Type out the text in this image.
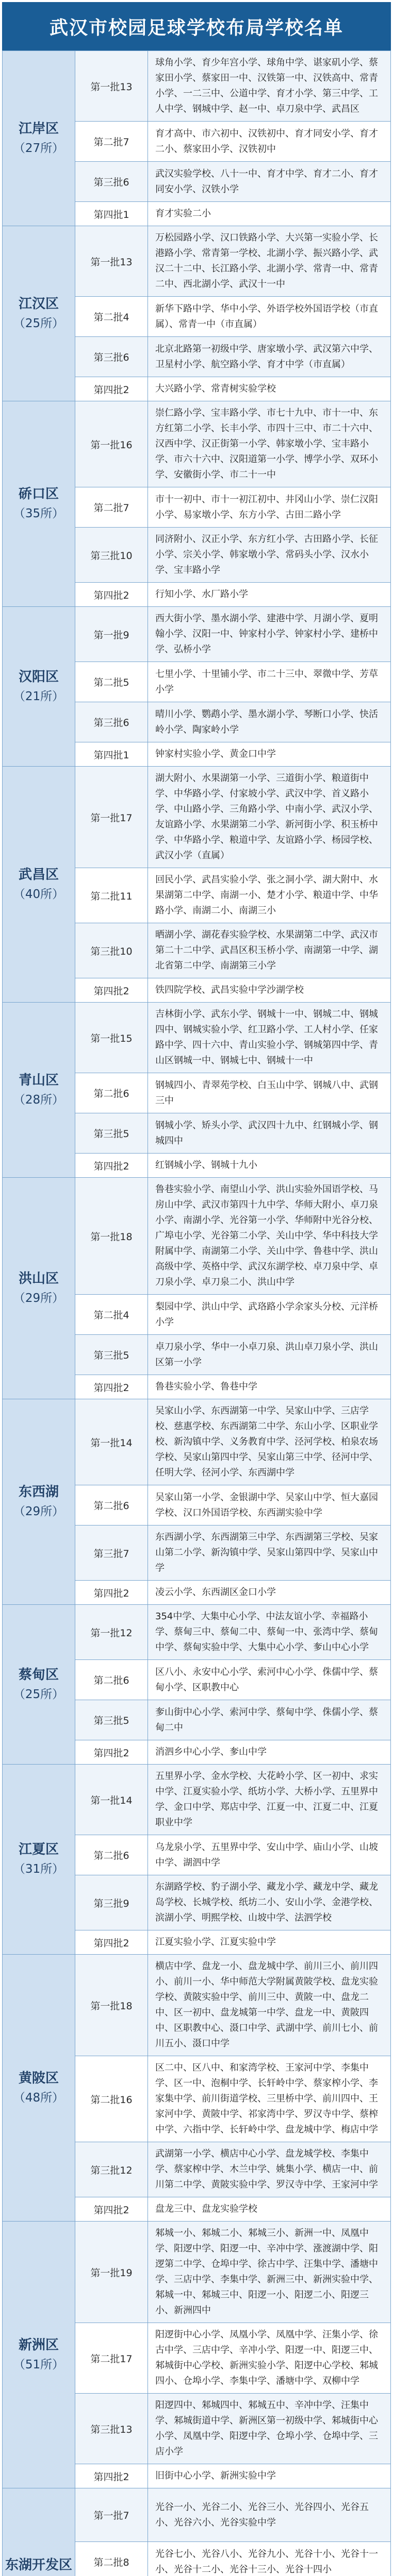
武汉市校园足球学校布局学校名单
江岸区
（27所）	第一批13	球角小学、育少年宫小学、球角中学、谌家矶小学、蔡家田小学、蔡家田一中、汉铁第一中、汉铁高中、常青小学、一二三中、公道中学、育才小学、第三中学、工人中学、钢城中学、赵一中、卓刀泉中学、武昌区
	第二批7	育才高中、市六初中、汉铁初中、育才同安小学、育才二小、蔡家田小学、汉铁初中
	第三批6	武汉实验学校、八十一中、育才中学、育才二小、育才同安小学、汉铁小学
	第四批1	育才实验二小

江汉区
（25所）	第一批13	万松园路小学、汉口铁路小学、大兴第一实验小学、长港路小学、常青第一学校、北湖小学、振兴路小学、武汉二十二中、长江路小学、北湖小学、常青一中、常青二中、西北湖小学、武汉十一中
	第二批4	新华下路中学、华中小学、外语学校外国语学校（市直属）、常青一中（市直属）
	第三批6	北京北路第一初级中学、唐家墩小学、武汉第六中学、卫星村小学、航空路小学、育才中学（市直属）
	第四批2	大兴路小学、常青树实验学校

硚口区
（35所）	第一批16	崇仁路小学、宝丰路小学、市七十九中、市十一中、东方红第二小学、长丰小学、市四十三中、市二十六中、汉西中学、汉正街第一小学、韩家墩小学、宝丰路小学、市六十六中、汉阳道第一小学、博学小学、双环小学、安徽街小学、市二十一中
	第二批7	市十一初中、市十一初江初中、井冈山小学、崇仁汉阳小学、易家墩小学、东方小学、古田二路小学
	第三批10	同济附小、汉正小学、东方红小学、古田路小学、长征小学、宗关小学、韩家墩小学、常码头小学、汉水小学、宝丰路小学
	第四批2	行知小学、水厂路小学

汉阳区
（21所）	第一批9	西大街小学、墨水湖小学、建港中学、月湖小学、夏明翰小学、汉阳一中、钟家村小学、钟家村小学、建桥中学、弘桥小学
	第二批5	七里小学、十里铺小学、市二十三中、翠微中学、芳草小学
	第三批6	晴川小学、鹦鹉小学、墨水湖小学、琴断口小学、快活岭小学、陶家岭小学
	第四批1	钟家村实验小学、黄金口中学

武昌区
（40所）	第一批17	湖大附小、水果湖第一小学、三道街小学、粮道街中学、中华路小学、付家坡小学、武汉中学、首义路小学、中山路小学、三角路小学、中南小学、武汉小学、友谊路小学、水果湖第二小学、新河街小学、积玉桥中学、中华路小学、粮道中学、友谊路小学、杨园学校、武汉小学（直属）
	第二批11	回民小学、武昌实验小学、张之洞小学、湖大附中、水果湖第二中学、南湖一小、楚才小学、粮道中学、中华路小学、南湖二小、南湖三小
	第三批10	晒湖小学、湖花春实验学校、水果湖第二中学、武汉市第二十二中学、武昌区积玉桥小学、南湖第一中学、湖北省第二中学、南湖第三小学
	第四批2	铁四院学校、武昌实验中学沙湖学校

青山区
（28所）	第一批15	吉林街小学、武东小学、钢城十一中、钢城二中、钢城四中、钢城实验小学、红卫路小学、工人村小学、任家路中学、四十六中、青山实验小学、钢城第四中学、青山区钢城一中、钢城七中、钢城十一中
	第二批6	钢城四小、青翠苑学校、白玉山中学、钢城八中、武钢三中
	第三批5	钢城小学、矫头小学、武汉四十九中、红钢城小学、钢城四中
	第四批2	红钢城小学、钢城十九小

洪山区
（29所）	第一批18	鲁巷实验小学、南望山小学、洪山实验外国语学校、马房山中学、武汉市第四十九中学、华师大附小、卓刀泉小学、南湖小学、光谷第一小学、华师附中光谷分校、广埠屯小学、光谷第二小学、关山中学、华中科技大学附属中学、南湖第二小学、关山中学、鲁巷中学、洪山高级中学、英格中学、武汉东湖学校、卓刀泉中学、卓刀泉小学、卓刀泉二小、洪山中学
	第二批4	梨园中学、洪山中学、武珞路小学余家头分校、元洋桥小学
	第三批5	卓刀泉小学、华中一小卓刀泉、洪山卓刀泉小学、洪山区第一小学
	第四批2	鲁巷实验小学、鲁巷中学

东西湖
（29所）	第一批14	吴家山小学、东西湖第一中学、吴家山中学、三店学校、慈惠学校、东西湖第二中学、东山小学、区职业学校、新沟镇中学、义务教育中学、泾河学校、柏泉农场学校、吴家山第四中学、吴家山第三中学、径河中学、任明大学、径河小学、东西湖中学
	第二批6	吴家山第一小学、金银湖中学、吴家山中学、恒大嘉园学校、汉口外国语学校、东西湖实验中学
	第三批7	东西湖小学、东西湖第三中学、东西湖第三学校、吴家山第二小学、新沟镇中学、吴家山第四中学、吴家山中学
	第四批2	凌云小学、东西湖区金口小学

蔡甸区
（25所）	第一批12	354中学、大集中心小学、中法友谊小学、幸福路小学、蔡甸三中、蔡甸二中、蔡甸一中、张湾中学、蔡甸中学、蔡甸实验中学、大集中心小学、奓山中心小学
	第二批6	区八小、永安中心小学、索河中心小学、侏儒中学、蔡甸小学、区职教中心
	第三批5	奓山街中心小学、索河中学、蔡甸中学、侏儒小学、蔡甸二中
	第四批2	消泗乡中心小学、奓山中学

江夏区
（31所）	第一批14	五里界小学、金水学校、大花岭小学、区一初中、求实中学、江夏实验小学、纸坊小学、大桥小学、五里界中学、金口中学、郑店中学、江夏一中、江夏二中、江夏职业中学
	第二批6	乌龙泉小学、五里界中学、安山中学、庙山小学、山坡中学、湖泗中学
	第三批9	东湖路学校、豹子湖小学、藏龙小学、藏龙中学、藏龙岛学校、长城学校、纸坊二小、安山小学、金港学校、滨湖小学、明熙学校、山坡中学、法泗学校
	第四批2	江夏实验小学、江夏实验中学

黄陂区
（48所）	第一批18	横店中学、盘龙一小、盘龙城中学、前川三小、前川四小、前川一小、华中师范大学附属黄陂学校、盘龙实验学校、黄陂实验中学、前川三中、黄陂一中、盘龙二中、区一初中、盘龙城第一中学、盘龙一中、黄陂四中、区职教中心、滠口中学、武湖中学、前川七小、前川五小、滠口中学
	第二批16	区二中、区八中、和家湾学校、王家河中学、李集中学、区一中、泡桐中学、长轩岭中学、蔡家榨小学、李家集中学、前川街道学校、三里桥中学、前川四中、王家河中学、黄陂中学、祁家湾中学、罗汉寺中学、蔡榨中学、六指中学、长轩岭中学、盘龙城中学、梅店中学
	第三批12	武湖第一小学、横店中心小学、盘龙城学校、李集中学、蔡家榨中学、木兰中学、姚集小学、横店一中、前川第二中学、黄陂实验中学、罗汉寺中学、王家河中学
	第四批2	盘龙三中、盘龙实验学校

新洲区
（51所）	第一批19	邾城一小、邾城二小、邾城三小、新洲一中、凤凰中学、阳逻中学、阳逻一中、辛冲中学、涨渡湖中学、阳逻第二中学、仓埠中学、徐古中学、汪集中学、潘塘中学、三店中学、李集中学、新洲三中、新洲实验中学、邾城一中、邾城三中、阳逻一小、阳逻二小、阳逻三小、新洲四中
	第二批17	阳逻街中心小学、凤凰小学、凤凰中学、汪集小学、徐古中学、三店中学、辛冲小学、阳逻一中、阳逻三中、邾城街中心学校、新洲实验小学、阳逻中心学校、邾城四小、仓埠小学、李集中学、潘塘中学、双柳中学
	第三批13	阳逻四中、邾城四中、邾城五中、辛冲中学、汪集中学、邾城街道中学、新洲区第一初级中学、邾城街中心小学、凤凰中学、阳逻中学、仓埠小学、仓埠中学、三店小学
	第四批2	旧街中心小学、新洲实验中学

东湖开发区	第一批7	光谷一小、光谷二小、光谷三小、光谷四小、光谷五小、光谷六小、光谷实验中学
	第二批8	光谷七小、光谷八小、光谷九小、光谷十小、光谷十一小、光谷十二小、光谷十三小、光谷十四小
